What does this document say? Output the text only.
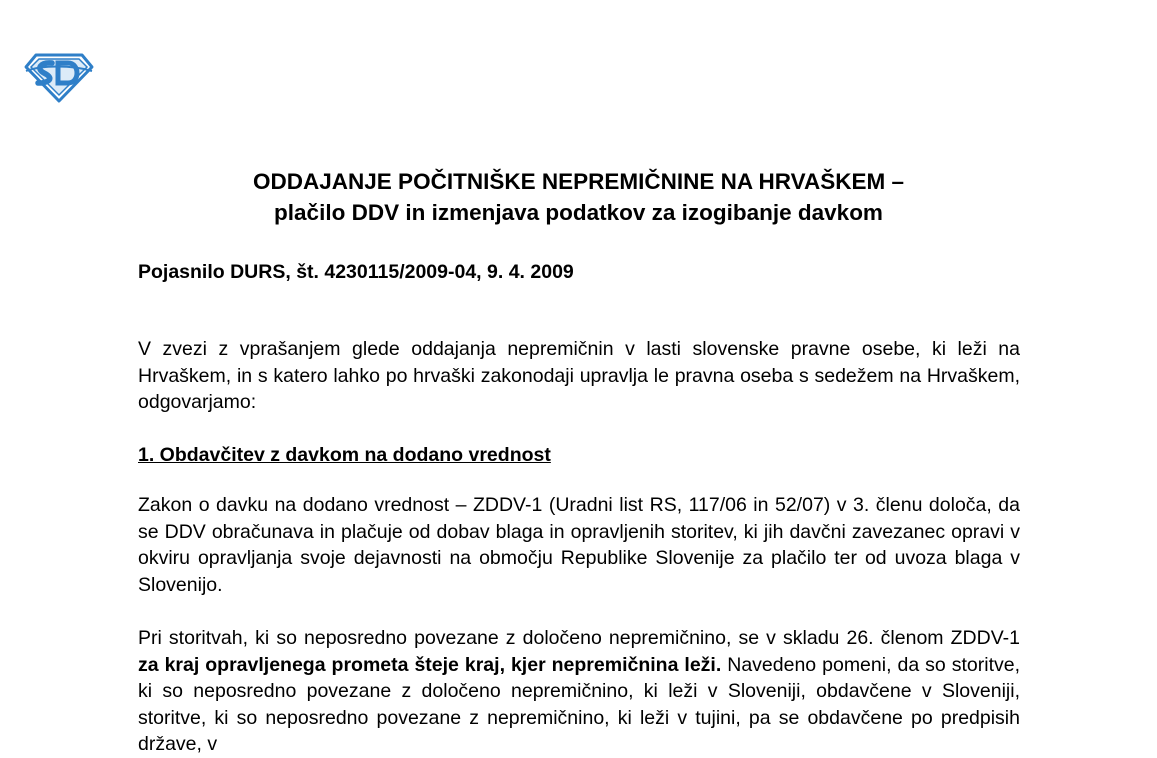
ODDAJANJE POČITNIŠKE NEPREMIČNINE NA HRVAŠKEM –
plačilo DDV in izmenjava podatkov za izogibanje davkom
Pojasnilo DURS, št. 4230115/2009-04, 9. 4. 2009

V zvezi z vprašanjem glede oddajanja nepremičnin v lasti slovenske pravne osebe, ki leži na Hrvaškem, in s katero lahko po hrvaški zakonodaji upravlja le pravna oseba s sedežem na Hrvaškem, odgovarjamo:

1. Obdavčitev z davkom na dodano vrednost

Zakon o davku na dodano vrednost – ZDDV-1 (Uradni list RS, 117/06 in 52/07) v 3. členu določa, da se DDV obračunava in plačuje od dobav blaga in opravljenih storitev, ki jih davčni zavezanec opravi v okviru opravljanja svoje dejavnosti na območju Republike Slovenije za plačilo ter od uvoza blaga v Slovenijo.

Pri storitvah, ki so neposredno povezane z določeno nepremičnino, se v skladu 26. členom ZDDV-1 za kraj opravljenega prometa šteje kraj, kjer nepremičnina leži. Navedeno pomeni, da so storitve, ki so neposredno povezane z določeno nepremičnino, ki leži v Sloveniji, obdavčene v Sloveniji, storitve, ki so neposredno povezane z nepremičnino, ki leži v tujini, pa se obdavčene po predpisih države, v
